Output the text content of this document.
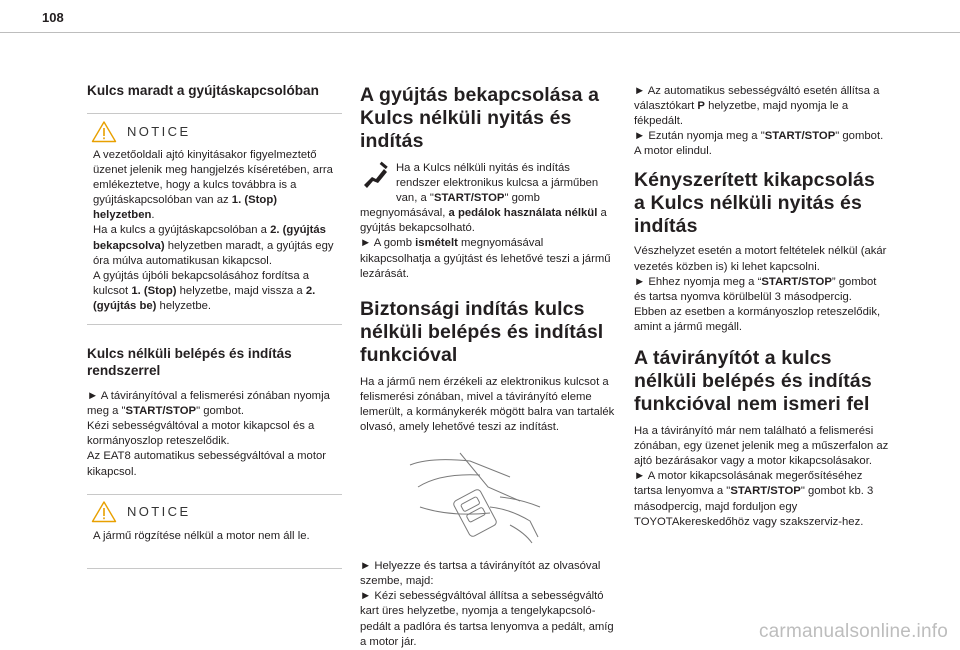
108
Kulcs maradt a gyújtáskapcsolóban
NOTICE

A vezetőoldali ajtó kinyitásakor figyelmeztető üzenet jelenik meg hangjelzés kíséretében, arra emlékeztetve, hogy a kulcs továbbra is a gyújtáskapcsolóban van az 1. (Stop) helyzetben.
Ha a kulcs a gyújtáskapcsolóban a 2. (gyújtás bekapcsolva) helyzetben maradt, a gyújtás egy óra múlva automatikusan kikapcsol.
A gyújtás újbóli bekapcsolásához fordítsa a kulcsot 1. (Stop) helyzetbe, majd vissza a 2. (gyújtás be) helyzetbe.

Kulcs nélküli belépés és indítás rendszerrel

► A távirányítóval a felismerési zónában nyomja meg a "START/STOP" gombot.
Kézi sebességváltóval a motor kikapcsol és a kormányoszlop reteszelődik.
Az EAT8 automatikus sebességváltóval a motor kikapcsol.

NOTICE

A jármű rögzítése nélkül a motor nem áll le.

A gyújtás bekapcsolása a Kulcs nélküli nyitás és indítás

Ha a Kulcs nélküli nyitás és indítás rendszer elektronikus kulcsa a járműben van, a "START/STOP" gomb megnyomásával, a pedálok használata nélkül a gyújtás bekapcsolható.
► A gomb ismételt megnyomásával kikapcsolhatja a gyújtást és lehetővé teszi a jármű lezárását.

Biztonsági indítás kulcs nélküli belépés és indításl funkcióval

Ha a jármű nem érzékeli az elektronikus kulcsot a felismerési zónában, mivel a távirányító eleme lemerült, a kormánykerék mögött balra van tartalék olvasó, amely lehetővé teszi az indítást.

► Helyezze és tartsa a távirányítót az olvasóval szembe, majd:

► Kézi sebességváltóval állítsa a sebességváltó kart üres helyzetbe, nyomja a tengelykapcsoló-pedált a padlóra és tartsa lenyomva a pedált, amíg a motor jár.

► Az automatikus sebességváltó esetén állítsa a választókart P helyzetbe, majd nyomja le a fékpedált.
► Ezután nyomja meg a "START/STOP" gombot.
A motor elindul.

Kényszerített kikapcsolás a Kulcs nélküli nyitás és indítás

Vészhelyzet esetén a motort feltételek nélkül (akár vezetés közben is) ki lehet kapcsolni.

► Ehhez nyomja meg a “START/STOP” gombot és tartsa nyomva körülbelül 3 másodpercig.

Ebben az esetben a kormányoszlop reteszelődik, amint a jármű megáll.

A távirányítót a kulcs nélküli belépés és indítás funkcióval nem ismeri fel

Ha a távirányító már nem található a felismerési zónában, egy üzenet jelenik meg a műszerfalon az ajtó bezárásakor vagy a motor kikapcsolásakor.

► A motor kikapcsolásának megerősítéséhez tartsa lenyomva a "START/STOP" gombot kb. 3 másodpercig, majd forduljon egy TOYOTAkereskedőhöz vagy szakszerviz-hez.

carmanualsonline.info
